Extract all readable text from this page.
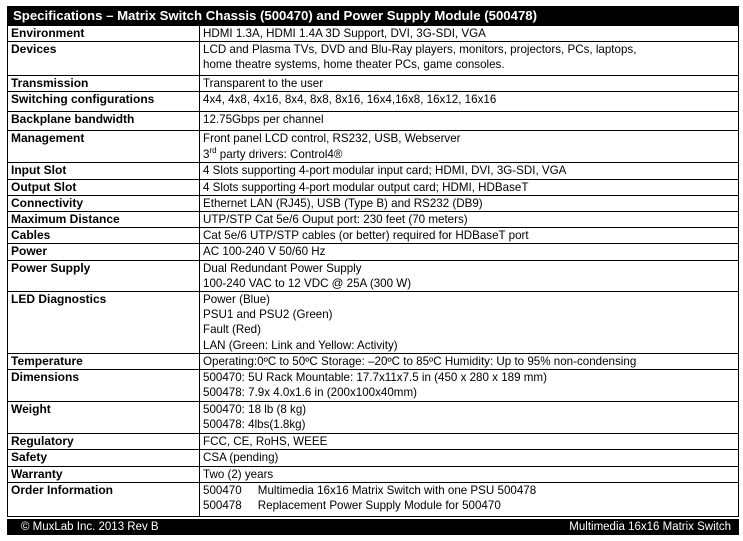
Specifications – Matrix Switch Chassis (500470) and Power Supply Module (500478)
Environment	HDMI 1.3A, HDMI 1.4A 3D Support, DVI, 3G-SDI, VGA

Devices	LCD and Plasma TVs, DVD and Blu-Ray players, monitors, projectors, PCs, laptops,
home theatre systems, home theater PCs, game consoles.

Transmission	Transparent to the user

Switching configurations	4x4, 4x8, 4x16, 8x4, 8x8, 8x16, 16x4,16x8, 16x12, 16x16

Backplane bandwidth	12.75Gbps per channel

Management	Front panel LCD control, RS232, USB, Webserver
3rd party drivers: Control4®

Input Slot	4 Slots supporting 4-port modular input card; HDMI, DVI, 3G-SDI, VGA

Output Slot	4 Slots supporting 4-port modular output card; HDMI, HDBaseT

Connectivity	Ethernet LAN (RJ45), USB (Type B) and RS232 (DB9)

Maximum Distance	UTP/STP Cat 5e/6 Ouput port: 230 feet (70 meters)

Cables	Cat 5e/6 UTP/STP cables (or better) required for HDBaseT port

Power	AC 100-240 V 50/60 Hz

Power Supply	Dual Redundant Power Supply
100-240 VAC to 12 VDC @ 25A (300 W)

LED Diagnostics	Power (Blue)
PSU1 and PSU2 (Green)
Fault (Red)
LAN (Green: Link and Yellow: Activity)

Temperature	Operating:0ºC to 50ºC Storage: –20ºC to 85ºC Humidity: Up to 95% non-condensing

Dimensions	500470: 5U Rack Mountable: 17.7x11x7.5 in (450 x 280 x 189 mm)
500478: 7.9x 4.0x1.6 in (200x100x40mm)

Weight	500470: 18 lb (8 kg)
500478: 4lbs(1.8kg)

Regulatory	FCC, CE, RoHS, WEEE

Safety	CSA (pending)

Warranty	Two (2) years

Order Information	500470     Multimedia 16x16 Matrix Switch with one PSU 500478
500478     Replacement Power Supply Module for 500470
© MuxLab Inc. 2013 Rev B	Multimedia 16x16 Matrix Switch
